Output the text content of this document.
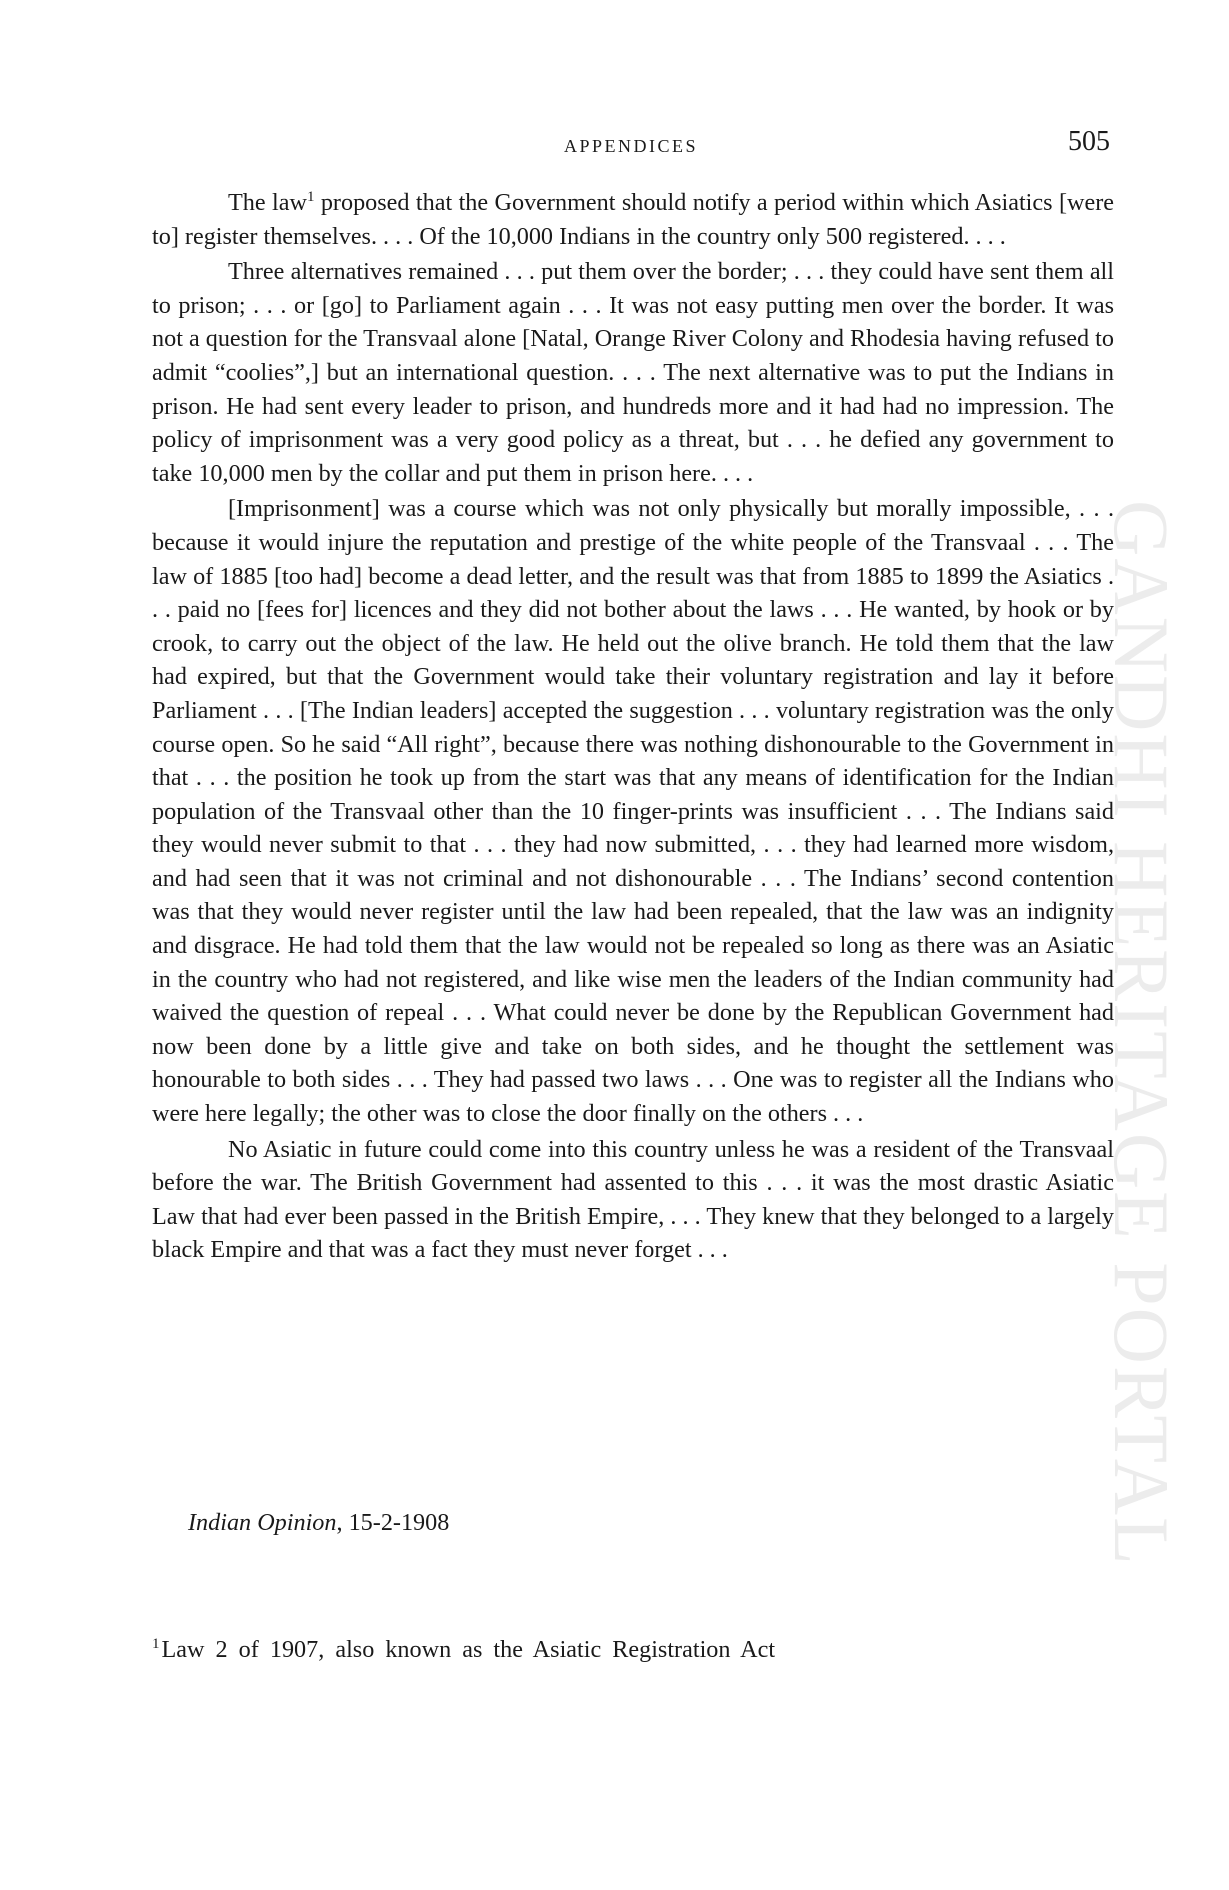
GANDHI HERITAGE PORTAL
APPENDICES	505

The law$^1$ proposed that the Government should notify a period within which Asiatics [were to] register themselves. . . . Of the 10,000 Indians in the country only 500 registered. . . .

Three alternatives remained . . . put them over the border; . . . they could have sent them all to prison; . . . or [go] to Parliament again . . . It was not easy putting men over the border. It was not a question for the Transvaal alone [Natal, Orange River Colony and Rhodesia having refused to admit “coolies”,] but an international question. . . . The next alternative was to put the Indians in prison. He had sent every leader to prison, and hundreds more and it had had no impression. The policy of imprisonment was a very good policy as a threat, but . . . he defied any government to take 10,000 men by the collar and put them in prison here. . . .

[Imprisonment] was a course which was not only physically but morally impossible, . . . because it would injure the reputation and prestige of the white people of the Transvaal . . . The law of 1885 [too had] become a dead letter, and the result was that from 1885 to 1899 the Asiatics . . . paid no [fees for] licences and they did not bother about the laws . . . He wanted, by hook or by crook, to carry out the object of the law. He held out the olive branch. He told them that the law had expired, but that the Government would take their voluntary registration and lay it before Parliament . . . [The Indian leaders] accepted the suggestion . . . voluntary registration was the only course open. So he said “All right”, because there was nothing dishonourable to the Government in that . . . the position he took up from the start was that any means of identification for the Indian population of the Transvaal other than the 10 finger-prints was insufficient . . . The Indians said they would never submit to that . . . they had now submitted, . . . they had learned more wisdom, and had seen that it was not criminal and not dishonourable . . . The Indians’ second contention was that they would never register until the law had been repealed, that the law was an indignity and disgrace. He had told them that the law would not be repealed so long as there was an Asiatic in the country who had not registered, and like wise men the leaders of the Indian community had waived the question of repeal . . . What could never be done by the Republican Government had now been done by a little give and take on both sides, and he thought the settlement was honourable to both sides . . . They had passed two laws . . . One was to register all the Indians who were here legally; the other was to close the door finally on the others . . .

No Asiatic in future could come into this country unless he was a resident of the Transvaal before the war. The British Government had assented to this . . . it was the most drastic Asiatic Law that had ever been passed in the British Empire, . . . They knew that they belonged to a largely black Empire and that was a fact they must never forget . . .

Indian Opinion, 15-2-1908
$^1$Law 2 of 1907, also known as the Asiatic Registration Act
